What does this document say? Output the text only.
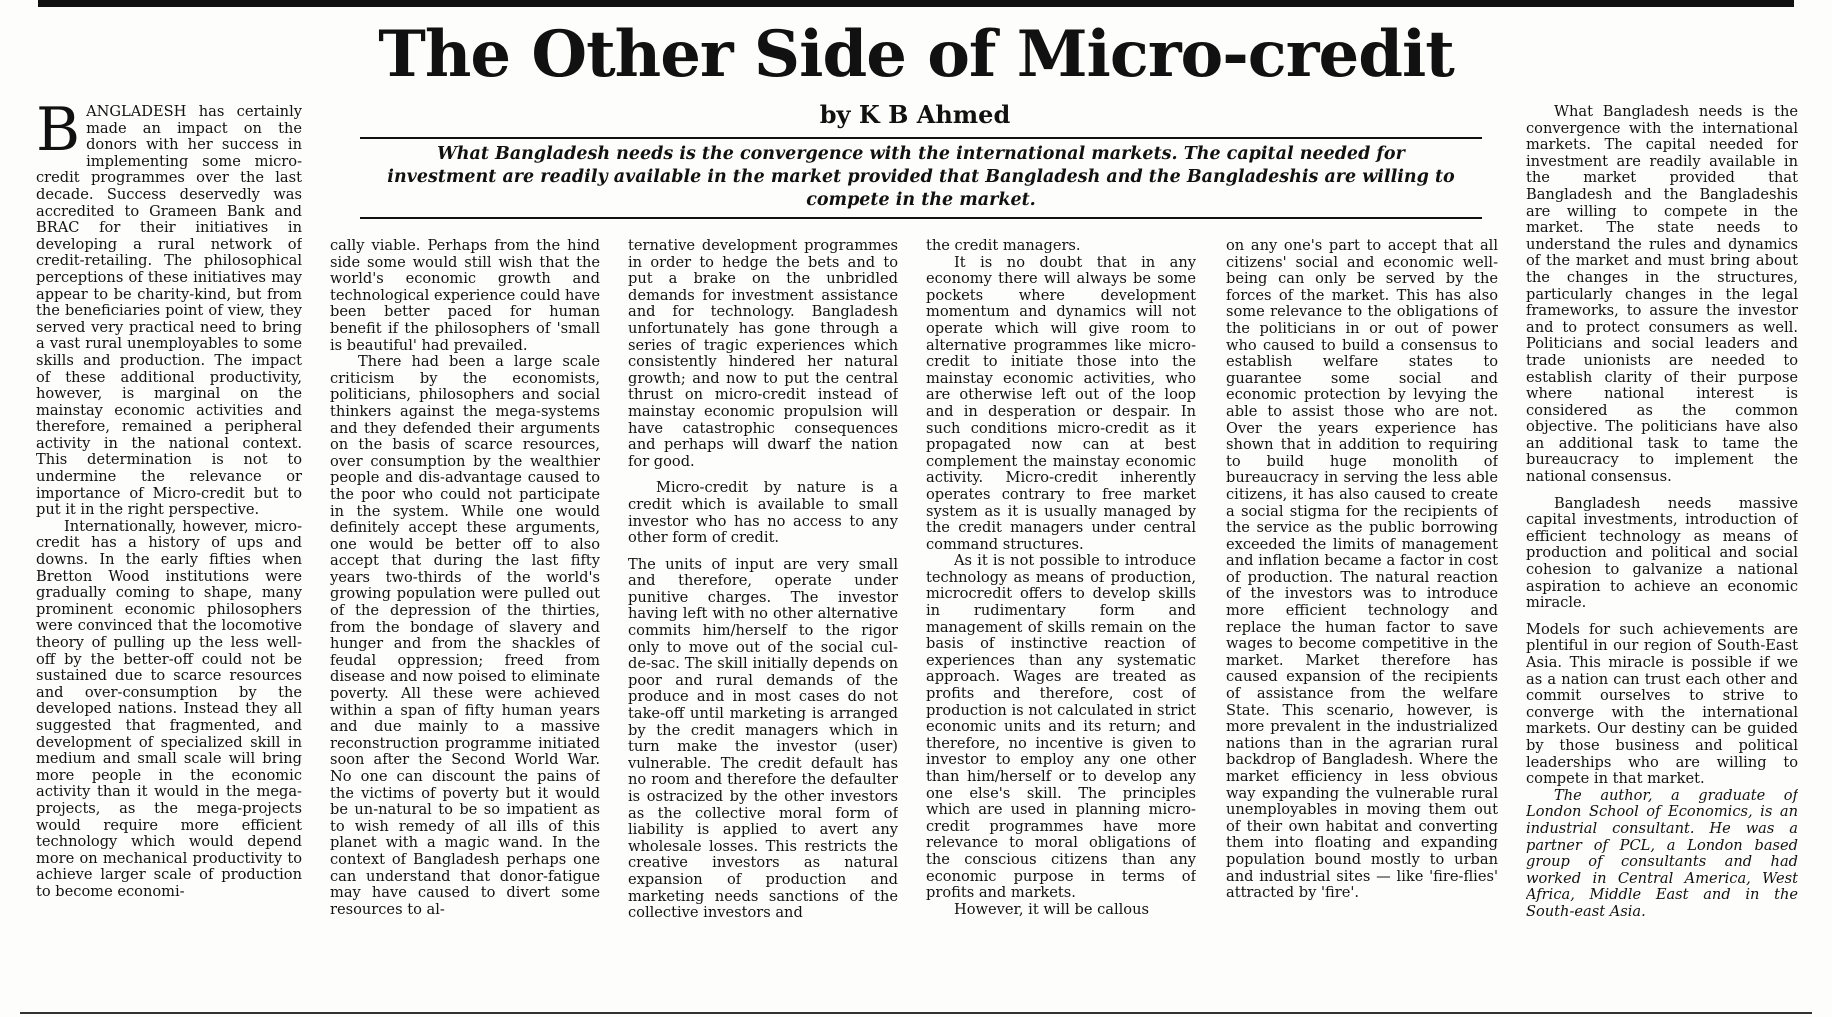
The Other Side of Micro-credit
by K B Ahmed

What Bangladesh needs is the convergence with the international markets. The capital needed for investment are readily available in the market provided that Bangladesh and the Bangladeshis are willing to compete in the market.

B ANGLADESH has certainly made an impact on the donors with her success in implementing some micro-credit programmes over the last decade. Success deservedly was accredited to Grameen Bank and BRAC for their initiatives in developing a rural network of credit-retailing. The philosophical perceptions of these initiatives may appear to be charity-kind, but from the beneficiaries point of view, they served very practical need to bring a vast rural unemployables to some skills and production. The impact of these additional productivity, however, is marginal on the mainstay economic activities and therefore, remained a peripheral activity in the national context. This determination is not to undermine the relevance or importance of Micro-credit but to put it in the right perspective.

Internationally, however, micro-credit has a history of ups and downs. In the early fifties when Bretton Wood institutions were gradually coming to shape, many prominent economic philosophers were convinced that the locomotive theory of pulling up the less well-off by the better-off could not be sustained due to scarce resources and over-consumption by the developed nations. Instead they all suggested that fragmented, and development of specialized skill in medium and small scale will bring more people in the economic activity than it would in the mega-projects, as the mega-projects would require more efficient technology which would depend more on mechanical productivity to achieve larger scale of production to become economi-

cally viable. Perhaps from the hind side some would still wish that the world's economic growth and technological experience could have been better paced for human benefit if the philosophers of 'small is beautiful' had prevailed.

There had been a large scale criticism by the economists, politicians, philosophers and social thinkers against the mega-systems and they defended their arguments on the basis of scarce resources, over consumption by the wealthier people and dis-advantage caused to the poor who could not participate in the system. While one would definitely accept these arguments, one would be better off to also accept that during the last fifty years two-thirds of the world's growing population were pulled out of the depression of the thirties, from the bondage of slavery and hunger and from the shackles of feudal oppression; freed from disease and now poised to eliminate poverty. All these were achieved within a span of fifty human years and due mainly to a massive reconstruction programme initiated soon after the Second World War. No one can discount the pains of the victims of poverty but it would be un-natural to be so impatient as to wish remedy of all ills of this planet with a magic wand. In the context of Bangladesh perhaps one can understand that donor-fatigue may have caused to divert some resources to al-

ternative development programmes in order to hedge the bets and to put a brake on the unbridled demands for investment assistance and for technology. Bangladesh unfortunately has gone through a series of tragic experiences which consistently hindered her natural growth; and now to put the central thrust on micro-credit instead of mainstay economic propulsion will have catastrophic consequences and perhaps will dwarf the nation for good.

Micro-credit by nature is a credit which is available to small investor who has no access to any other form of credit.

The units of input are very small and therefore, operate under punitive charges. The investor having left with no other alternative commits him/herself to the rigor only to move out of the social cul-de-sac. The skill initially depends on poor and rural demands of the produce and in most cases do not take-off until marketing is arranged by the credit managers which in turn make the investor (user) vulnerable. The credit default has no room and therefore the defaulter is ostracized by the other investors as the collective moral form of liability is applied to avert any wholesale losses. This restricts the creative investors as natural expansion of production and marketing needs sanctions of the collective investors and

the credit managers.

It is no doubt that in any economy there will always be some pockets where development momentum and dynamics will not operate which will give room to alternative programmes like micro-credit to initiate those into the mainstay economic activities, who are otherwise left out of the loop and in desperation or despair. In such conditions micro-credit as it propagated now can at best complement the mainstay economic activity. Micro-credit inherently operates contrary to free market system as it is usually managed by the credit managers under central command structures.

As it is not possible to introduce technology as means of production, microcredit offers to develop skills in rudimentary form and management of skills remain on the basis of instinctive reaction of experiences than any systematic approach. Wages are treated as profits and therefore, cost of production is not calculated in strict economic units and its return; and therefore, no incentive is given to investor to employ any one other than him/herself or to develop any one else's skill. The principles which are used in planning micro-credit programmes have more relevance to moral obligations of the conscious citizens than any economic purpose in terms of profits and markets.

However, it will be callous

on any one's part to accept that all citizens' social and economic well-being can only be served by the forces of the market. This has also some relevance to the obligations of the politicians in or out of power who caused to build a consensus to establish welfare states to guarantee some social and economic protection by levying the able to assist those who are not. Over the years experience has shown that in addition to requiring to build huge monolith of bureaucracy in serving the less able citizens, it has also caused to create a social stigma for the recipients of the service as the public borrowing exceeded the limits of management and inflation became a factor in cost of production. The natural reaction of the investors was to introduce more efficient technology and replace the human factor to save wages to become competitive in the market. Market therefore has caused expansion of the recipients of assistance from the welfare State. This scenario, however, is more prevalent in the industrialized nations than in the agrarian rural backdrop of Bangladesh. Where the market efficiency in less obvious way expanding the vulnerable rural unemployables in moving them out of their own habitat and converting them into floating and expanding population bound mostly to urban and industrial sites — like 'fire-flies' attracted by 'fire'.

What Bangladesh needs is the convergence with the international markets. The capital needed for investment are readily available in the market provided that Bangladesh and the Bangladeshis are willing to compete in the market. The state needs to understand the rules and dynamics of the market and must bring about the changes in the structures, particularly changes in the legal frameworks, to assure the investor and to protect consumers as well. Politicians and social leaders and trade unionists are needed to establish clarity of their purpose where national interest is considered as the common objective. The politicians have also an additional task to tame the bureaucracy to implement the national consensus.

Bangladesh needs massive capital investments, introduction of efficient technology as means of production and political and social cohesion to galvanize a national aspiration to achieve an economic miracle.

Models for such achievements are plentiful in our region of South-East Asia. This miracle is possible if we as a nation can trust each other and commit ourselves to strive to converge with the international markets. Our destiny can be guided by those business and political leaderships who are willing to compete in that market.

The author, a graduate of London School of Economics, is an industrial consultant. He was a partner of PCL, a London based group of consultants and had worked in Central America, West Africa, Middle East and in the South-east Asia.
